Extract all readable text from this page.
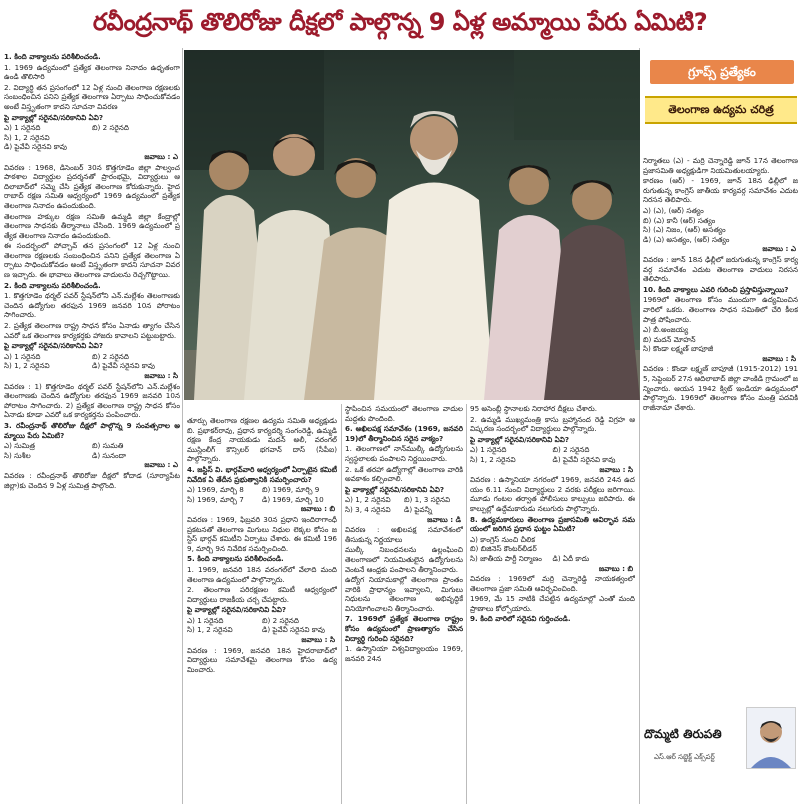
రవీంద్రనాథ్ తొలిరోజు దీక్షలో పాల్గొన్న 9 ఏళ్ల అమ్మాయి పేరు ఏమిటి?

1. కింది వాక్యాలను పరిశీలించండి.

1. 1969 ఉద్యమంలో ప్రత్యేక తెలంగాణ నినాదం ఉధృతంగా ఉండి తొలిసారి

2. విద్యార్థి తన ప్రసంగంలో 12 ఏళ్ల నుంచి తెలంగాణ రక్షణలకు సంబంధించిన పనిని ప్రత్యేక తెలంగాణ ఏర్పాటు సాధించుకోవడం అంటే విస్తృతంగా కాదని సూచనా వివరణ

పై వాక్యాల్లో సరైనవి/సరికానివి ఏవి?

ఎ) 1 సరైనది	బి) 2 సరైనది
సి) 1, 2 సరైనవి
డి) పైవేవీ సరైనవి కావు

జవాబు : ఎ

వివరణ : 1968, డిసెంబర్ 30న కొత్తగూడెం జిల్లా పాల్వంచ పాఠశాల విద్యార్థుల ప్రదర్శనతో ప్రారంభమై, విద్యార్థులు ఆదిలాబాద్‌లో సమ్మె చేసి ప్రత్యేక తెలంగాణ కోరుకున్నారు. హైదరాబాద్‌ రక్షణ సమితి ఆధ్వర్యంలో 1969 ఉద్యమంలో ప్రత్యేక తెలంగాణ నినాదం ఉపందుకుంది.

తెలంగాణ హక్కుల రక్షణ సమితి ఉమ్మడి జిల్లా కేంద్రాల్లో తెలంగాణ సాధనకు తీర్మానాలు చేసింది. 1969 ఉద్యమంలో ప్రత్యేక తెలంగాణ నినాదం ఉపందుకుంది.

ఈ సందర్భంలో పోచ్చావ్‌ తన ప్రసంగంలో 12 ఏళ్ల నుంచి తెలంగాణ రక్షణలకు సంబంధించిన పనిని ప్రత్యేక తెలంగాణ ఏర్పాటు సాధించుకోవడం అంటే విస్తృతంగా కాదని సూచనా వివరణ ఇచ్చారు. ఈ భావాలు తెలంగాణ వాదులను రెచ్చగొట్టాయి.

2. కింది వాక్యాలను పరిశీలించండి.

1. కొత్తగూడెం థర్మల్‌ పవర్‌ స్టేషన్‌లోని ఎన్‌.మల్లేశం తెలంగాణకు చెందిన ఉద్యోగుల తరఫున 1969 జనవరి 10న పోరాటం సాగించారు.

2. ప్రత్యేక తెలంగాణ రాష్ట్ర సాధన కోసం ఏనాడు త్యాగం చేసిన ఎవరో ఒక తెలంగాణ కార్యకర్తకు హాజరు కావాలని పట్టుబట్టారు.

పై వాక్యాల్లో సరైనవి/సరికానివి ఏవి?

ఎ) 1 సరైనది	బి) 2 సరైనది
సి) 1, 2 సరైనవి	డి) పైవేవీ సరైనవి కావు

జవాబు : సి

వివరణ : 1) కొత్తగూడెం థర్మల్‌ పవర్‌ స్టేషన్‌లోని ఎన్‌.మల్లేశం తెలంగాణకు చెందిన ఉద్యోగుల తరఫున 1969 జనవరి 10న పోరాటం సాగించారు. 2) ప్రత్యేక తెలంగాణ రాష్ట్ర సాధన కోసం ఏనాడు కూడా ఎవరో ఒక కార్యకర్తను పంపించారు.

3. రవీంద్రనాథ్‌ తొలిరోజు దీక్షలో పాల్గొన్న 9 సంవత్సరాల అమ్మాయి పేరు ఏమిటి?

ఎ) సుమిత్ర	బి) సుమతి
సి) సుశీల	డి) సునందా

జవాబు : ఎ

వివరణ : రవీంద్రనాథ్‌ తొలిరోజు దీక్షలో కోదాడ (సూర్యాపేట జిల్లా)కు చెందిన 9 ఏళ్ల సుమిత్ర పాల్గొంది.

గ్రూప్స్ ప్రత్యేకం
తెలంగాణ ఉద్యమ చరిత్ర

తూర్పు తెలంగాణ రక్షణల ఉద్యమ సమితి అధ్యక్షుడు బి. ప్రభాకర్‌రావు, ప్రధాన కార్యదర్శి సంగంరెడ్డి, ఉమ్మడి రక్షణ కేంద్ర నాయకుడు మదన్‌ అలీ, వరంగల్‌ ముస్లింలీగ్‌ కౌన్సిలర్‌ భగవాన్‌ దాస్‌ (సీపీఐ) పాల్గొన్నారు.

4. జస్టిస్‌ వి. భార్గవ్‌‌వారి ఆధ్వర్యంలో ఏర్పాటైన కమిటీ నివేదిక ఏ తేదీన ప్రభుత్వానికి సమర్పించారు?

ఎ) 1969, మార్చి 8	బి) 1969, మార్చి 9
సి) 1969, మార్చి 7	డి) 1969, మార్చి 10

జవాబు : బి

వివరణ : 1969, ఫిబ్రవరి 30న ప్రధాని ఇందిరాగాంధీ ప్రకటనతో తెలంగాణ మిగులు నిధుల లెక్కల కోసం జస్టిస్‌ భార్గవ్‌ కమిటీని ఏర్పాటు చేశారు. ఈ కమిటీ 1969, మార్చి 9న నివేదిక సమర్పించింది.

5. కింది వాక్యాలను పరిశీలించండి.

1. 1969, జనవరి 18న వరంగల్‌లో వేలాది మంది తెలంగాణ ఉద్యమంలో పాల్గొన్నారు.

2. తెలంగాణ పరిరక్షణల కమిటీ ఆధ్వర్యంలో విద్యార్థులు రాజకీయ చర్చ చేపట్టారు.

పై వాక్యాల్లో సరైనవి/సరికానివి ఏవి?

ఎ) 1 సరైనది	బి) 2 సరైనది
సి) 1, 2 సరైనవి	డి) పైవేవీ సరైనవి కావు

జవాబు : సి

వివరణ : 1969, జనవరి 18న హైదరాబాద్‌లో విద్యార్థులు సమావేశమై తెలంగాణ కోసం ఉద్యమించారు.

స్థాపించిన సమయంలో తెలంగాణ వాదుల మద్దతు పొందింది.

6. అఖిలపక్ష సమావేశం (1969, జనవరి 19)లో తీర్మానించిన సరైన వాక్యం?

1. తెలంగాణలో నాన్‌ముల్కీ ఉద్యోగులను స్వస్థలాలకు పంపాలని నిర్ణయించారు.

2. ఒకే తరహా ఉద్యోగాల్లో తెలంగాణ వారికి అవకాశం కల్పించాలి.

పై వాక్యాల్లో సరైనవి/సరికానివి ఏవి?

ఎ) 1, 2 సరైనవి	బి) 1, 3 సరైనవి
సి) 3, 4 సరైనవి	డి) పైవన్నీ

జవాబు : డి

వివరణ : అఖిలపక్ష సమావేశంలో తీసుకున్న నిర్ణయాలు

ముల్కీ నిబంధనలను ఉల్లంఘించి తెలంగాణలో నియమితులైన ఉద్యోగులను వెంటనే ఆంధ్రకు పంపాలని తీర్మానించారు.

ఉద్యోగ నియామకాల్లో తెలంగాణ ప్రాంతం వారికి ప్రాధాన్యం ఇవ్వాలని, మిగులు నిధులను తెలంగాణ అభివృద్ధికే వినియోగించాలని తీర్మానించారు.

7. 1969లో ప్రత్యేక తెలంగాణ రాష్ట్రం కోసం ఉద్యమంలో ప్రాణత్యాగం చేసిన విద్యార్థి గురించి సరైనది?

1. ఉస్మానియా విశ్వవిద్యాలయం 1969, జనవరి 24న

95 అసెంబ్లీ స్థానాలకు నిరాహార దీక్షలు చేశారు.

2. ఉమ్మడి ముఖ్యమంత్రి కాసు బ్రహ్మానంద రెడ్డి విగ్రహ ఆవిష్కరణ సందర్భంలో విద్యార్థులు పాల్గొన్నారు.

పై వాక్యాల్లో సరైనవి/సరికానివి ఏవి?

ఎ) 1 సరైనది	బి) 2 సరైనది
సి) 1, 2 సరైనవి	డి) పైవేవీ సరైనవి కావు

జవాబు : సి

వివరణ : ఉస్మానియా నగరంలో 1969, జనవరి 24న ఉదయం 6.11 నుంచి విద్యార్థులు 2 వరకు పరీక్షలు జరిగాయి. మూడు గంటల తర్వాత పోలీసులు కాల్పులు జరిపారు. ఈ కాల్పుల్లో ఉద్దేమకారుడు నలుగురు పాల్గొన్నారు.

8. ఉద్యమకారులు తెలంగాణ ప్రజాసమితి ఆవిర్భావ సమయంలో జరిగిన ప్రధాన ఘట్టం ఏమిటి?

ఎ) కాంగ్రెస్‌ నుంచి చీలిక
బి) బిజినెస్‌ కౌంటర్‌లీడర్‌
సి) జాతీయ పార్టీ నిర్మాణం	డి) ఏదీ కాదు

జవాబు : బి

వివరణ : 1969లో మర్రి చెన్నారెడ్డి నాయకత్వంలో తెలంగాణ ప్రజా సమితి ఆవిర్భవించింది.

1969, మే 15 నాటికి చేపట్టిన ఉద్యమాల్లో ఎంతో మంది ప్రాణాలు కోల్పోయారు.

9. కింది వారిలో సరైనవి గుర్తించండి.

నిర్మాతలు (ఎ) - మర్రి చెన్నారెడ్డి జూన్‌ 17న తెలంగాణ ప్రజాసమితి అధ్యక్షుడిగా నియమితులయ్యారు.

కారణం (ఆర్‌) - 1969, జూన్‌ 18న ఢిల్లీలో జరుగుతున్న కాంగ్రెస్‌ జాతీయ కార్యవర్గ సమావేశం ఎదుట నిరసన తెలిపారు.

ఎ) (ఎ), (ఆర్‌) సత్యం
బి) (ఎ) కానీ (ఆర్‌) సత్యం
సి) (ఎ) నిజం, (ఆర్‌) అసత్యం
డి) (ఎ) అసత్యం, (ఆర్‌) సత్యం

జవాబు : ఎ

వివరణ : జూన్‌ 18న ఢిల్లీలో జరుగుతున్న కాంగ్రెస్‌ కార్యవర్గ సమావేశం ఎదుట తెలంగాణ వాదులు నిరసన తెలిపారు.

10. కింది వాక్యాలు ఎవరి గురించి ప్రస్తావిస్తున్నాయి?

1969లో తెలంగాణ కోసం ముందుగా ఉద్యమించిన వారిలో ఒకరు. తెలంగాణ సాధన సమితిలో చేరి కీలకపాత్ర పోషించారు.

ఎ) బీ.అంజయ్య
బి) మదన్‌ మోహన్‌
సి) కొండా లక్ష్మణ్‌ బాపూజీ

జవాబు : సి

వివరణ : కొండా లక్ష్మణ్‌ బాపూజీ (1915-2012) 1915, సెప్టెంబర్‌ 27న ఆదిలాబాద్‌ జిల్లా వాంకిడి గ్రామంలో జన్మించారు. ఆయన 1942 క్విట్‌ ఇండియా ఉద్యమంలో పాల్గొన్నారు. 1969లో తెలంగాణ కోసం మంత్రి పదవికి రాజీనామా చేశారు.

దొమ్మటి తిరుపతి
ఎస్‌.ఆర్‌ సబ్జెక్ట్‌ ఎక్స్‌పర్ట్‌
